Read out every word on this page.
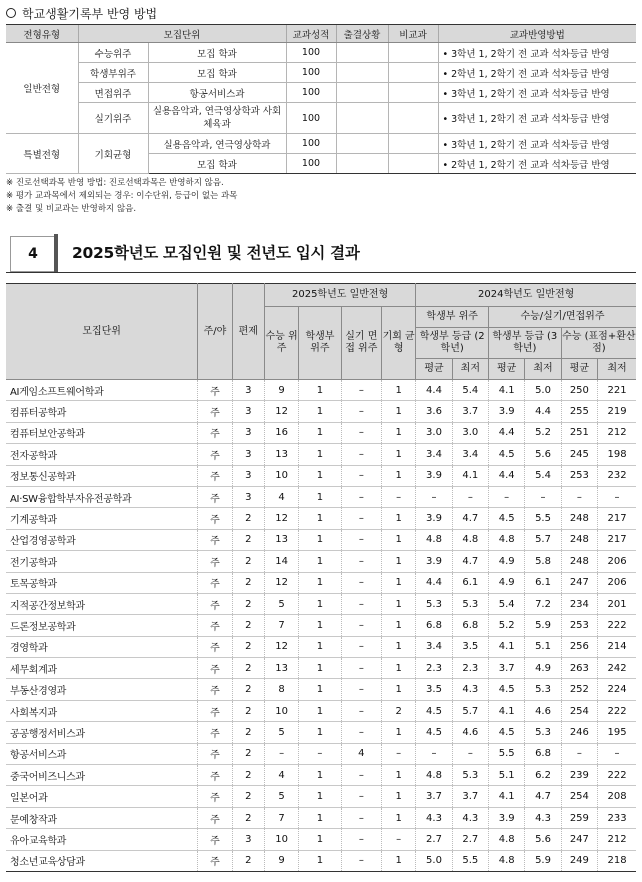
학교생활기록부 반영 방법
전형유형	모집단위		교과성적	출결상황	비교과	교과반영방법
일반전형	수능위주	모집 학과	100			• 3학년 1, 2학기 전 교과 석차등급 반영
	학생부위주	모집 학과	100			• 2학년 1, 2학기 전 교과 석차등급 반영
	면접위주	항공서비스과	100			• 3학년 1, 2학기 전 교과 석차등급 반영
	실기위주	실용음악과, 연극영상학과 사회체육과	100			• 3학년 1, 2학기 전 교과 석차등급 반영
특별전형	기회균형	실용음악과, 연극영상학과	100			• 3학년 1, 2학기 전 교과 석차등급 반영
		모집 학과	100			• 2학년 1, 2학기 전 교과 석차등급 반영
※ 진로선택과목 반영 방법: 진로선택과목은 반영하지 않음.
※ 평가 교과목에서 제외되는 경우: 이수단위, 등급이 없는 과목
※ 출결 및 비교과는 반영하지 않음.
4	2025학년도 모집인원 및 전년도 입시 결과
모집단위	주/야	편제	2025학년도 일반전형				2024학년도 일반전형					
			수능 위주	학생부 위주	실기 면접 위주	기회 균형	학생부 위주		수능/실기/면접위주			
							학생부 등급 (2학년)		학생부 등급 (3학년)		수능 (표점+환산점)	
							평균	최저	평균	최저	평균	최저
AI게임소프트웨어학과	주	3	9	1	–	1	4.4	5.4	4.1	5.0	250	221
컴퓨터공학과	주	3	12	1	–	1	3.6	3.7	3.9	4.4	255	219
컴퓨터보안공학과	주	3	16	1	–	1	3.0	3.0	4.4	5.2	251	212
전자공학과	주	3	13	1	–	1	3.4	3.4	4.5	5.6	245	198
정보통신공학과	주	3	10	1	–	1	3.9	4.1	4.4	5.4	253	232
AI·SW융합학부자유전공학과	주	3	4	1	–	–	–	–	–	–	–	–
기계공학과	주	2	12	1	–	1	3.9	4.7	4.5	5.5	248	217
산업경영공학과	주	2	13	1	–	1	4.8	4.8	4.8	5.7	248	217
전기공학과	주	2	14	1	–	1	3.9	4.7	4.9	5.8	248	206
토목공학과	주	2	12	1	–	1	4.4	6.1	4.9	6.1	247	206
지적공간정보학과	주	2	5	1	–	1	5.3	5.3	5.4	7.2	234	201
드론정보공학과	주	2	7	1	–	1	6.8	6.8	5.2	5.9	253	222
경영학과	주	2	12	1	–	1	3.4	3.5	4.1	5.1	256	214
세무회계과	주	2	13	1	–	1	2.3	2.3	3.7	4.9	263	242
부동산경영과	주	2	8	1	–	1	3.5	4.3	4.5	5.3	252	224
사회복지과	주	2	10	1	–	2	4.5	5.7	4.1	4.6	254	222
공공행정서비스과	주	2	5	1	–	1	4.5	4.6	4.5	5.3	246	195
항공서비스과	주	2	–	–	4	–	–	–	5.5	6.8	–	–
중국어비즈니스과	주	2	4	1	–	1	4.8	5.3	5.1	6.2	239	222
일본어과	주	2	5	1	–	1	3.7	3.7	4.1	4.7	254	208
문예창작과	주	2	7	1	–	1	4.3	4.3	3.9	4.3	259	233
유아교육학과	주	3	10	1	–	–	2.7	2.7	4.8	5.6	247	212
청소년교육상담과	주	2	9	1	–	1	5.0	5.5	4.8	5.9	249	218
